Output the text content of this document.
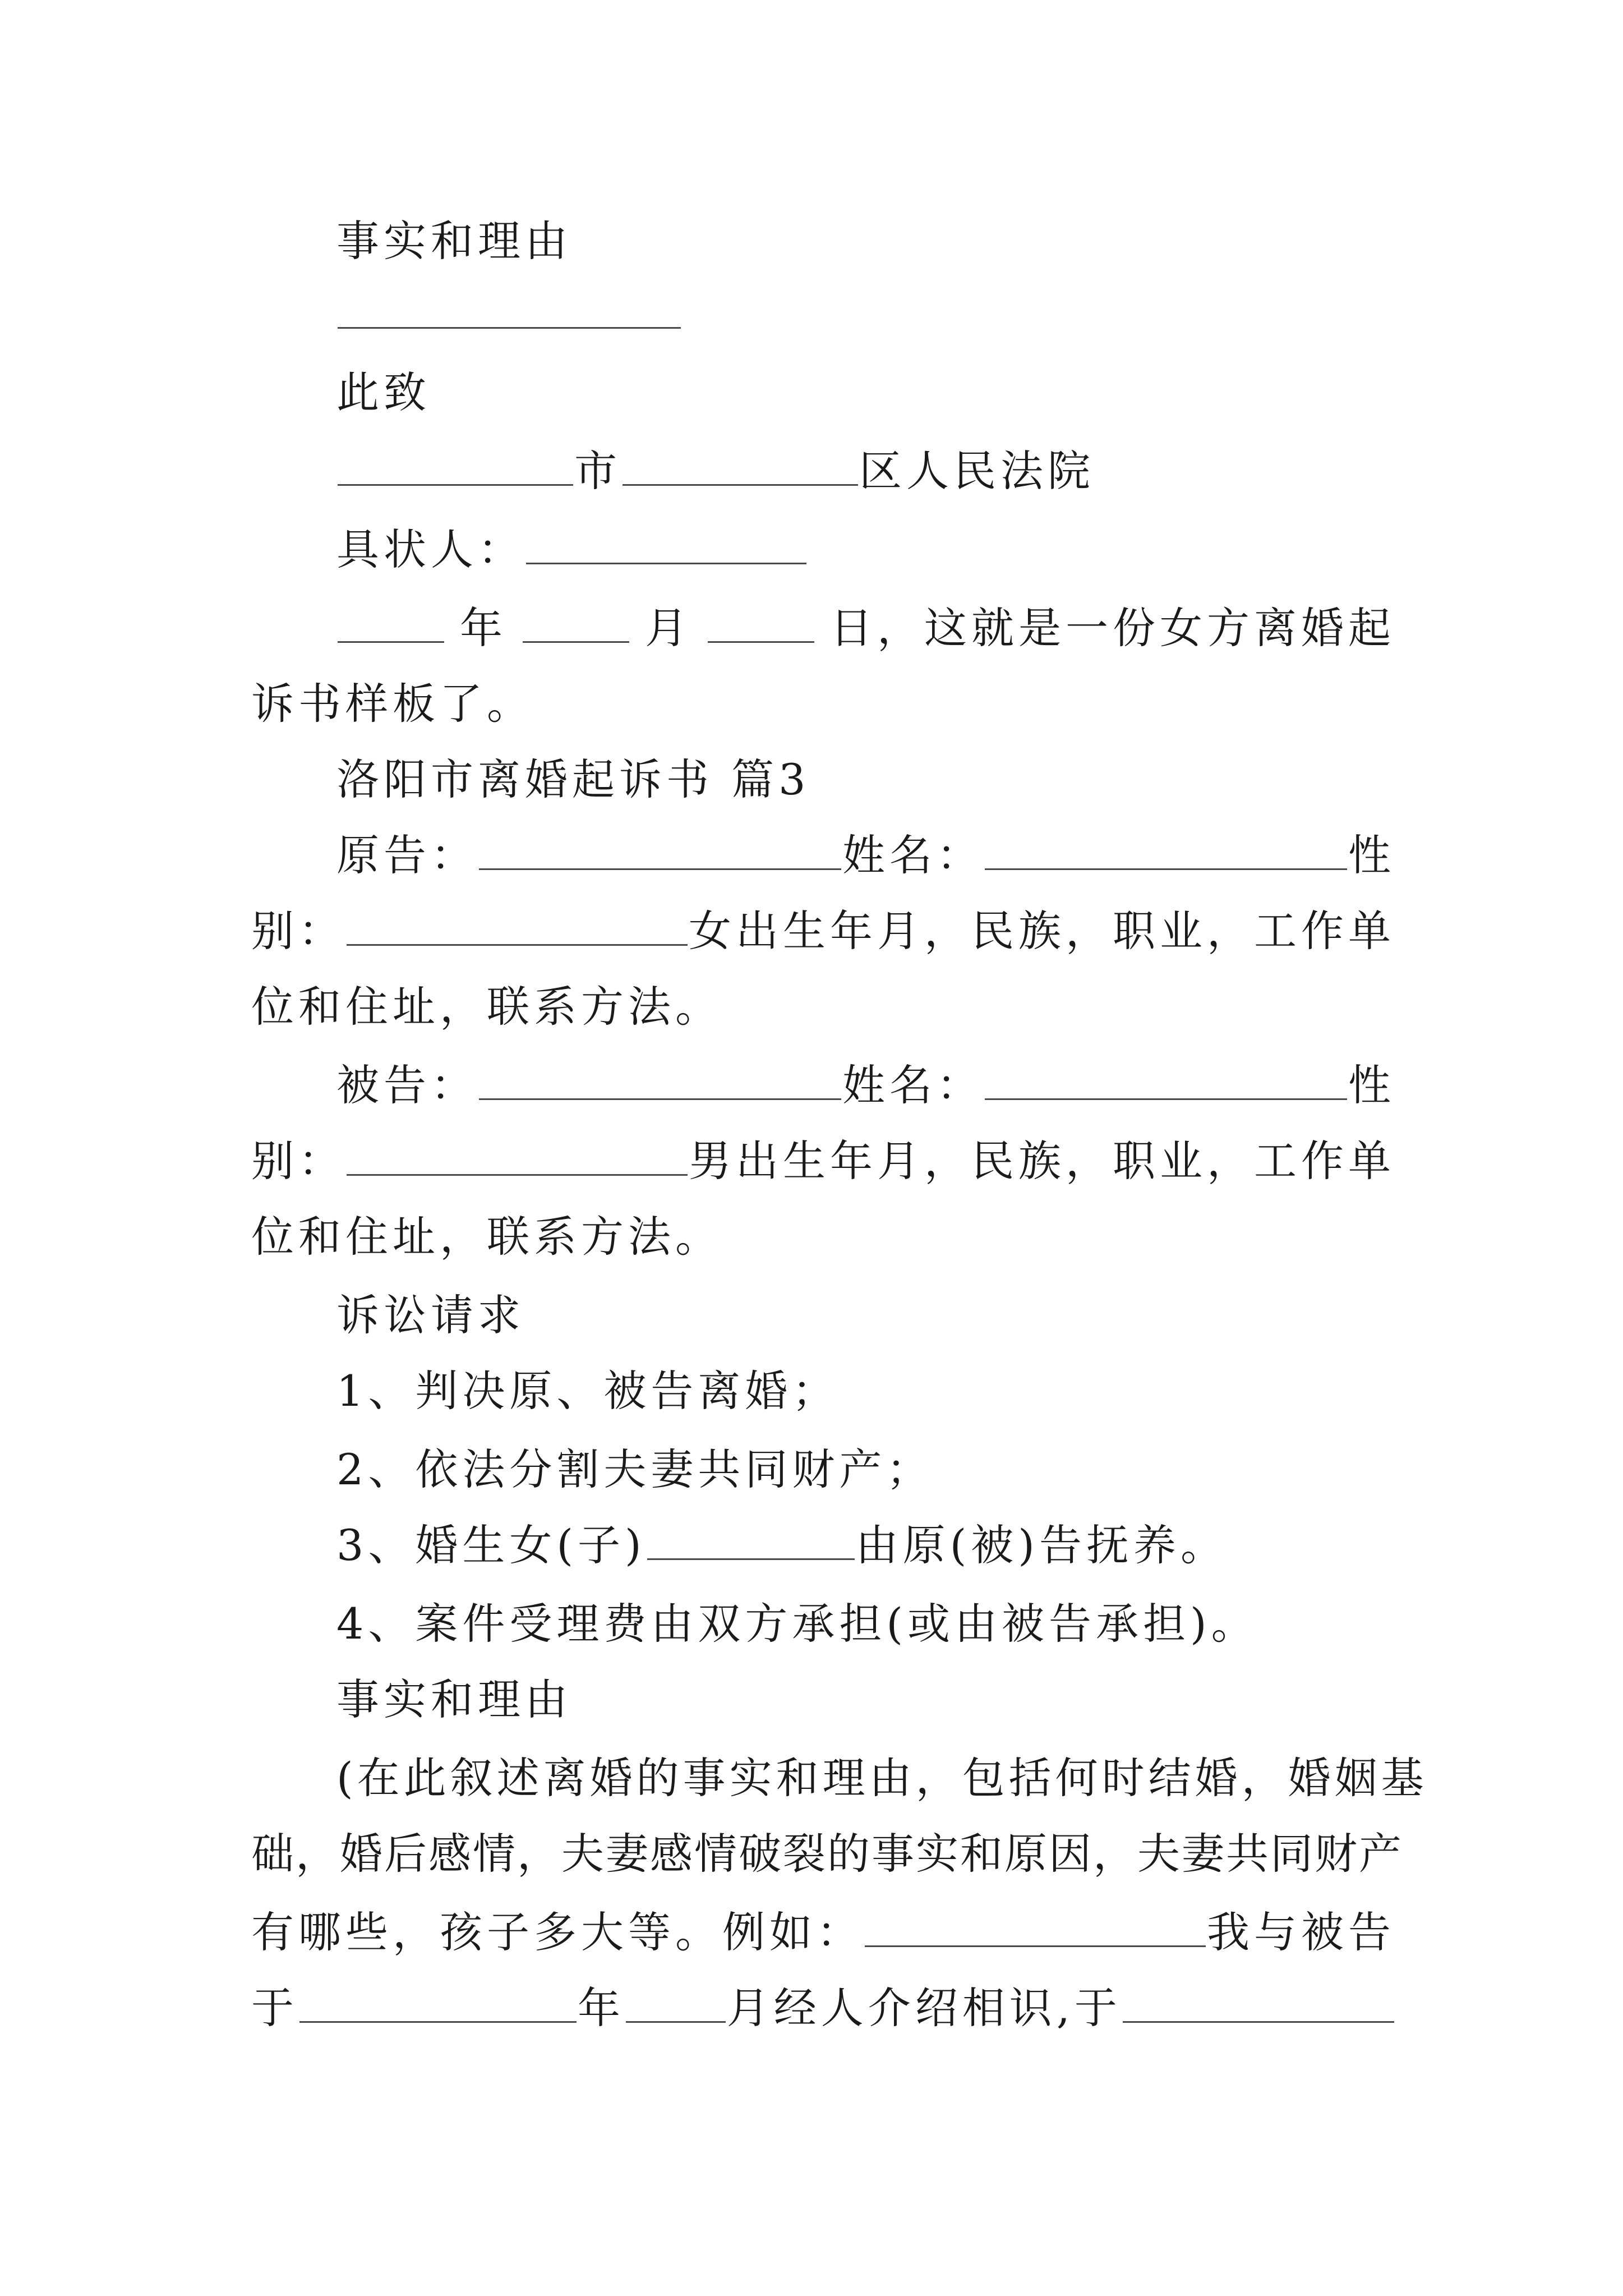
事实和理由
此致
市	区人民法院
具状人：
年	月	日，这就是一份女方离婚起
诉书样板了。
洛阳市离婚起诉书 篇3
原告：	姓名：	性
别：	女出生年月，民族，职业，工作单
位和住址，联系方法。
被告：	姓名：	性
别：	男出生年月，民族，职业，工作单
位和住址，联系方法。
诉讼请求
1、判决原、被告离婚；
2、依法分割夫妻共同财产；
3、婚生女(子)	由原(被)告抚养。
4、案件受理费由双方承担(或由被告承担)。
事实和理由
(在此叙述离婚的事实和理由，包括何时结婚，婚姻基
础，婚后感情，夫妻感情破裂的事实和原因，夫妻共同财产
有哪些，孩子多大等。例如：	我与被告
于	年 月经人介绍相识,于
